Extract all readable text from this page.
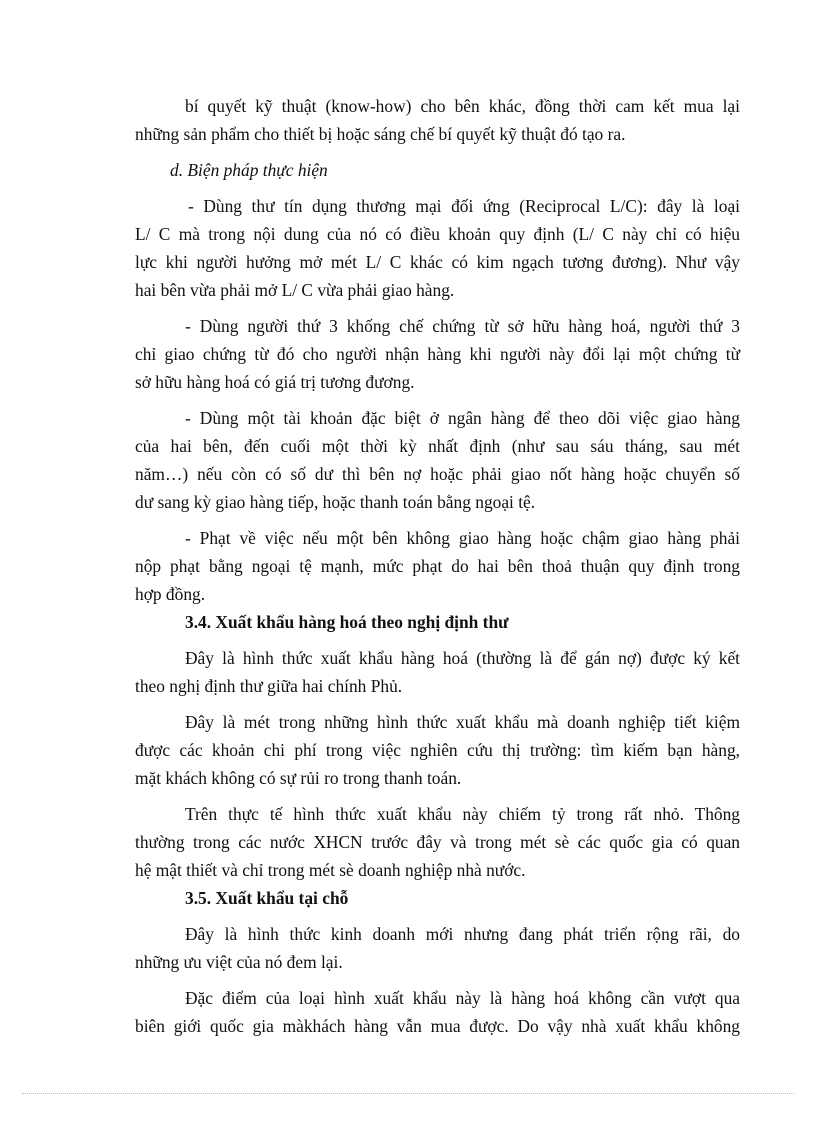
bí quyết kỹ thuật (know-how) cho bên khác, đồng thời cam kết mua lại
những sản phẩm cho thiết bị hoặc sáng chế bí quyết kỹ thuật đó tạo ra.
d. Biện pháp thực hiện
- Dùng thư tín dụng thương mại đối ứng (Reciprocal L/C): đây là loại
L/ C mà trong nội dung của nó có điều khoản quy định (L/ C này chỉ có hiệu
lực khi người hưởng mở mét L/ C khác có kim ngạch tương đương). Như vậy
hai bên vừa phải mở L/ C vừa phải giao hàng.
- Dùng người thứ 3 khống chế chứng từ sở hữu hàng hoá, người thứ 3
chỉ giao chứng từ đó cho người nhận hàng khi người này đổi lại một chứng từ
sở hữu hàng hoá có giá trị tương đương.
- Dùng một tài khoản đặc biệt ở ngân hàng để theo dõi việc giao hàng
của hai bên, đến cuối một thời kỳ nhất định (như sau sáu tháng, sau mét
năm…) nếu còn có số dư thì bên nợ hoặc phải giao nốt hàng hoặc chuyển số
dư sang kỳ giao hàng tiếp, hoặc thanh toán bằng ngoại tệ.
- Phạt về việc nếu một bên không giao hàng hoặc chậm giao hàng phải
nộp phạt bằng ngoại tệ mạnh, mức phạt do hai bên thoả thuận quy định trong
hợp đồng.
3.4. Xuất khẩu hàng hoá theo nghị định thư
Đây là hình thức xuất khẩu hàng hoá (thường là để gán nợ) được ký kết
theo nghị định thư giữa hai chính Phủ.
Đây là mét trong những hình thức xuất khẩu mà doanh nghiệp tiết kiệm
được các khoản chi phí trong việc nghiên cứu thị trường: tìm kiếm bạn hàng,
mặt khách không có sự rủi ro trong thanh toán.
Trên thực tế hình thức xuất khẩu này chiếm tỷ trong rất nhỏ. Thông
thường trong các nước XHCN trước đây và trong mét sè các quốc gia có quan
hệ mật thiết và chỉ trong mét sè doanh nghiệp nhà nước.
3.5. Xuất khẩu tại chỗ
Đây là hình thức kinh doanh mới nhưng đang phát triển rộng rãi, do
những ưu việt của nó đem lại.
Đặc điểm của loại hình xuất khẩu này là hàng hoá không cần vượt qua
biên giới quốc gia màkhách hàng vẫn mua được. Do vậy nhà xuất khẩu không
